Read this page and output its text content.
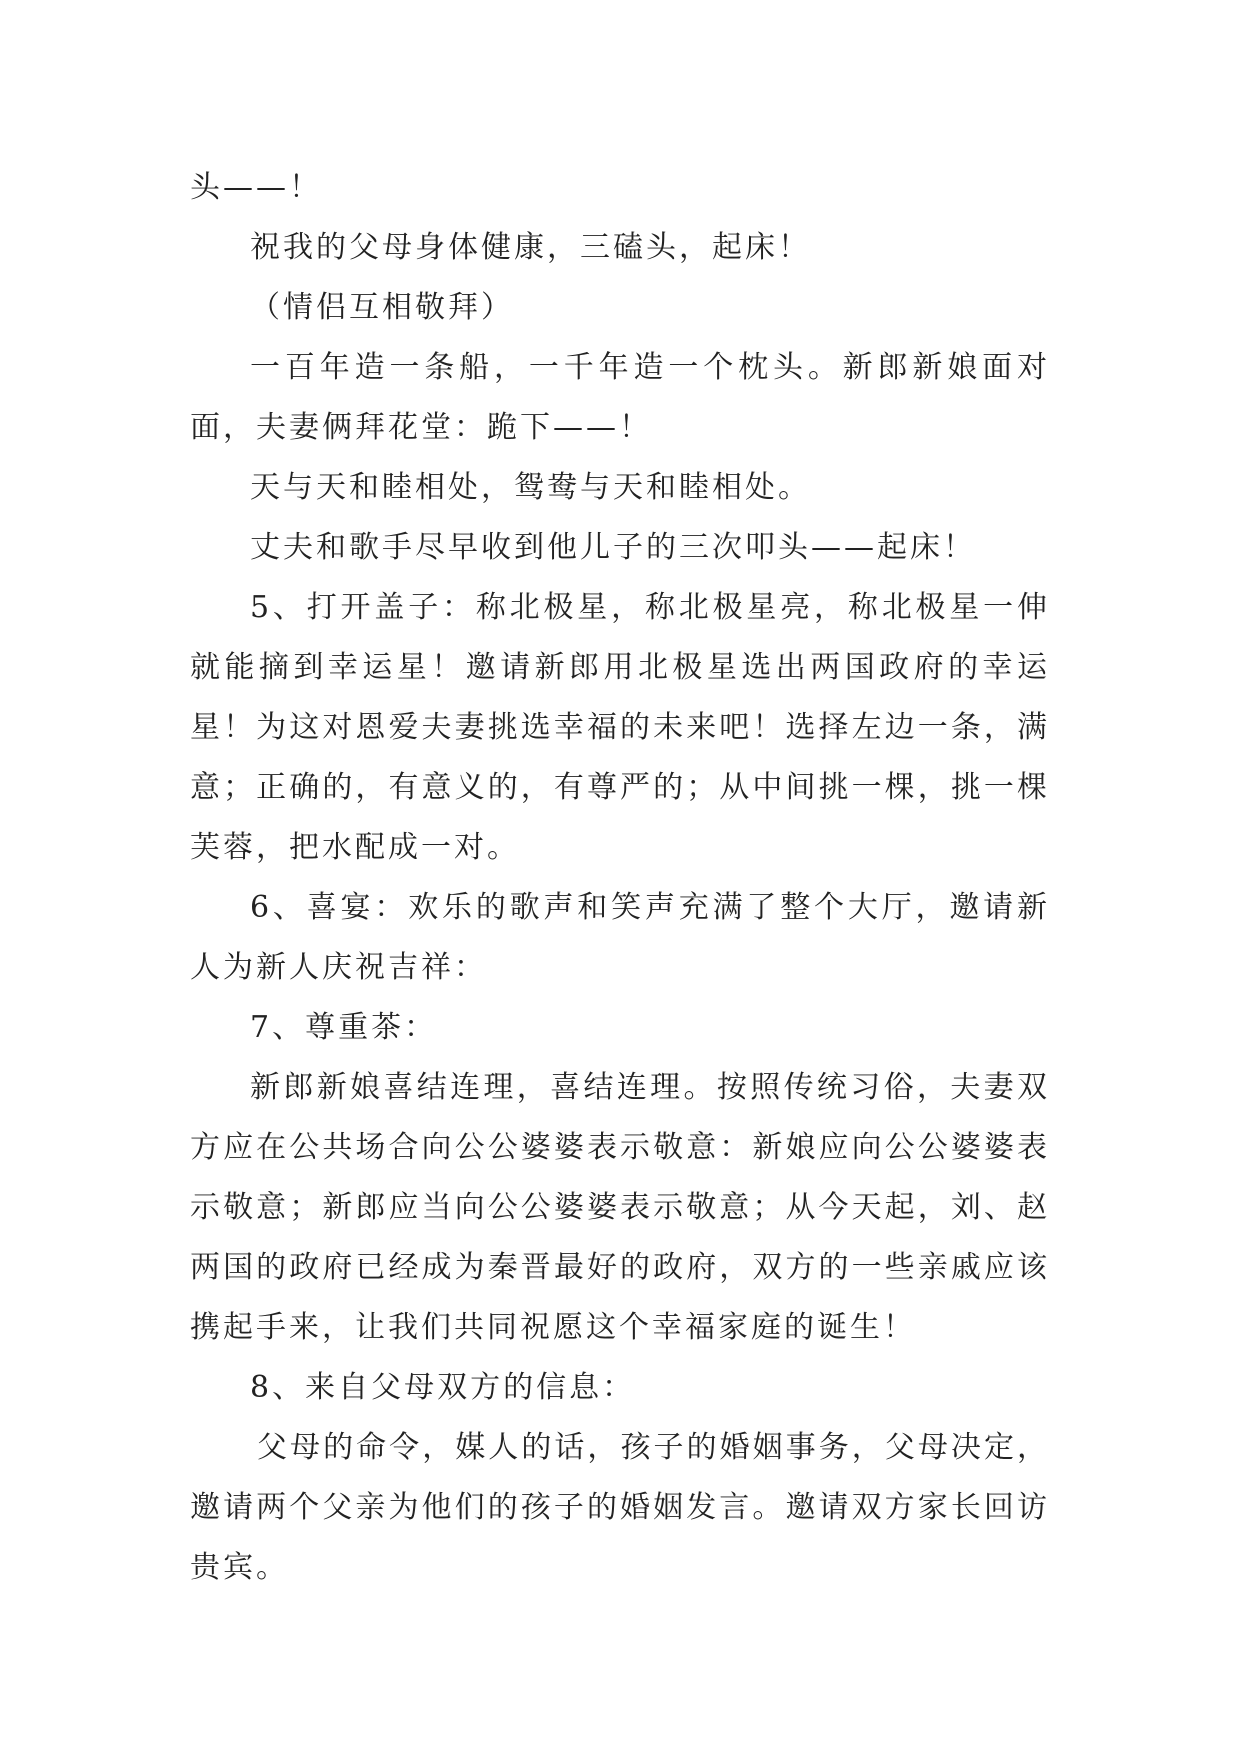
头——！

祝我的父母身体健康，三磕头，起床！

（情侣互相敬拜）

一百年造一条船，一千年造一个枕头。新郎新娘面对面，夫妻俩拜花堂：跪下——！

天与天和睦相处，鸳鸯与天和睦相处。

丈夫和歌手尽早收到他儿子的三次叩头——起床！

5、打开盖子：称北极星，称北极星亮，称北极星一伸就能摘到幸运星！邀请新郎用北极星选出两国政府的幸运星！为这对恩爱夫妻挑选幸福的未来吧！选择左边一条，满意；正确的，有意义的，有尊严的；从中间挑一棵，挑一棵芙蓉，把水配成一对。

6、喜宴：欢乐的歌声和笑声充满了整个大厅，邀请新人为新人庆祝吉祥：

7、尊重茶：

新郎新娘喜结连理，喜结连理。按照传统习俗，夫妻双方应在公共场合向公公婆婆表示敬意：新娘应向公公婆婆表示敬意；新郎应当向公公婆婆表示敬意；从今天起，刘、赵两国的政府已经成为秦晋最好的政府，双方的一些亲戚应该携起手来，让我们共同祝愿这个幸福家庭的诞生！

8、来自父母双方的信息：

父母的命令，媒人的话，孩子的婚姻事务，父母决定，邀请两个父亲为他们的孩子的婚姻发言。邀请双方家长回访贵宾。
